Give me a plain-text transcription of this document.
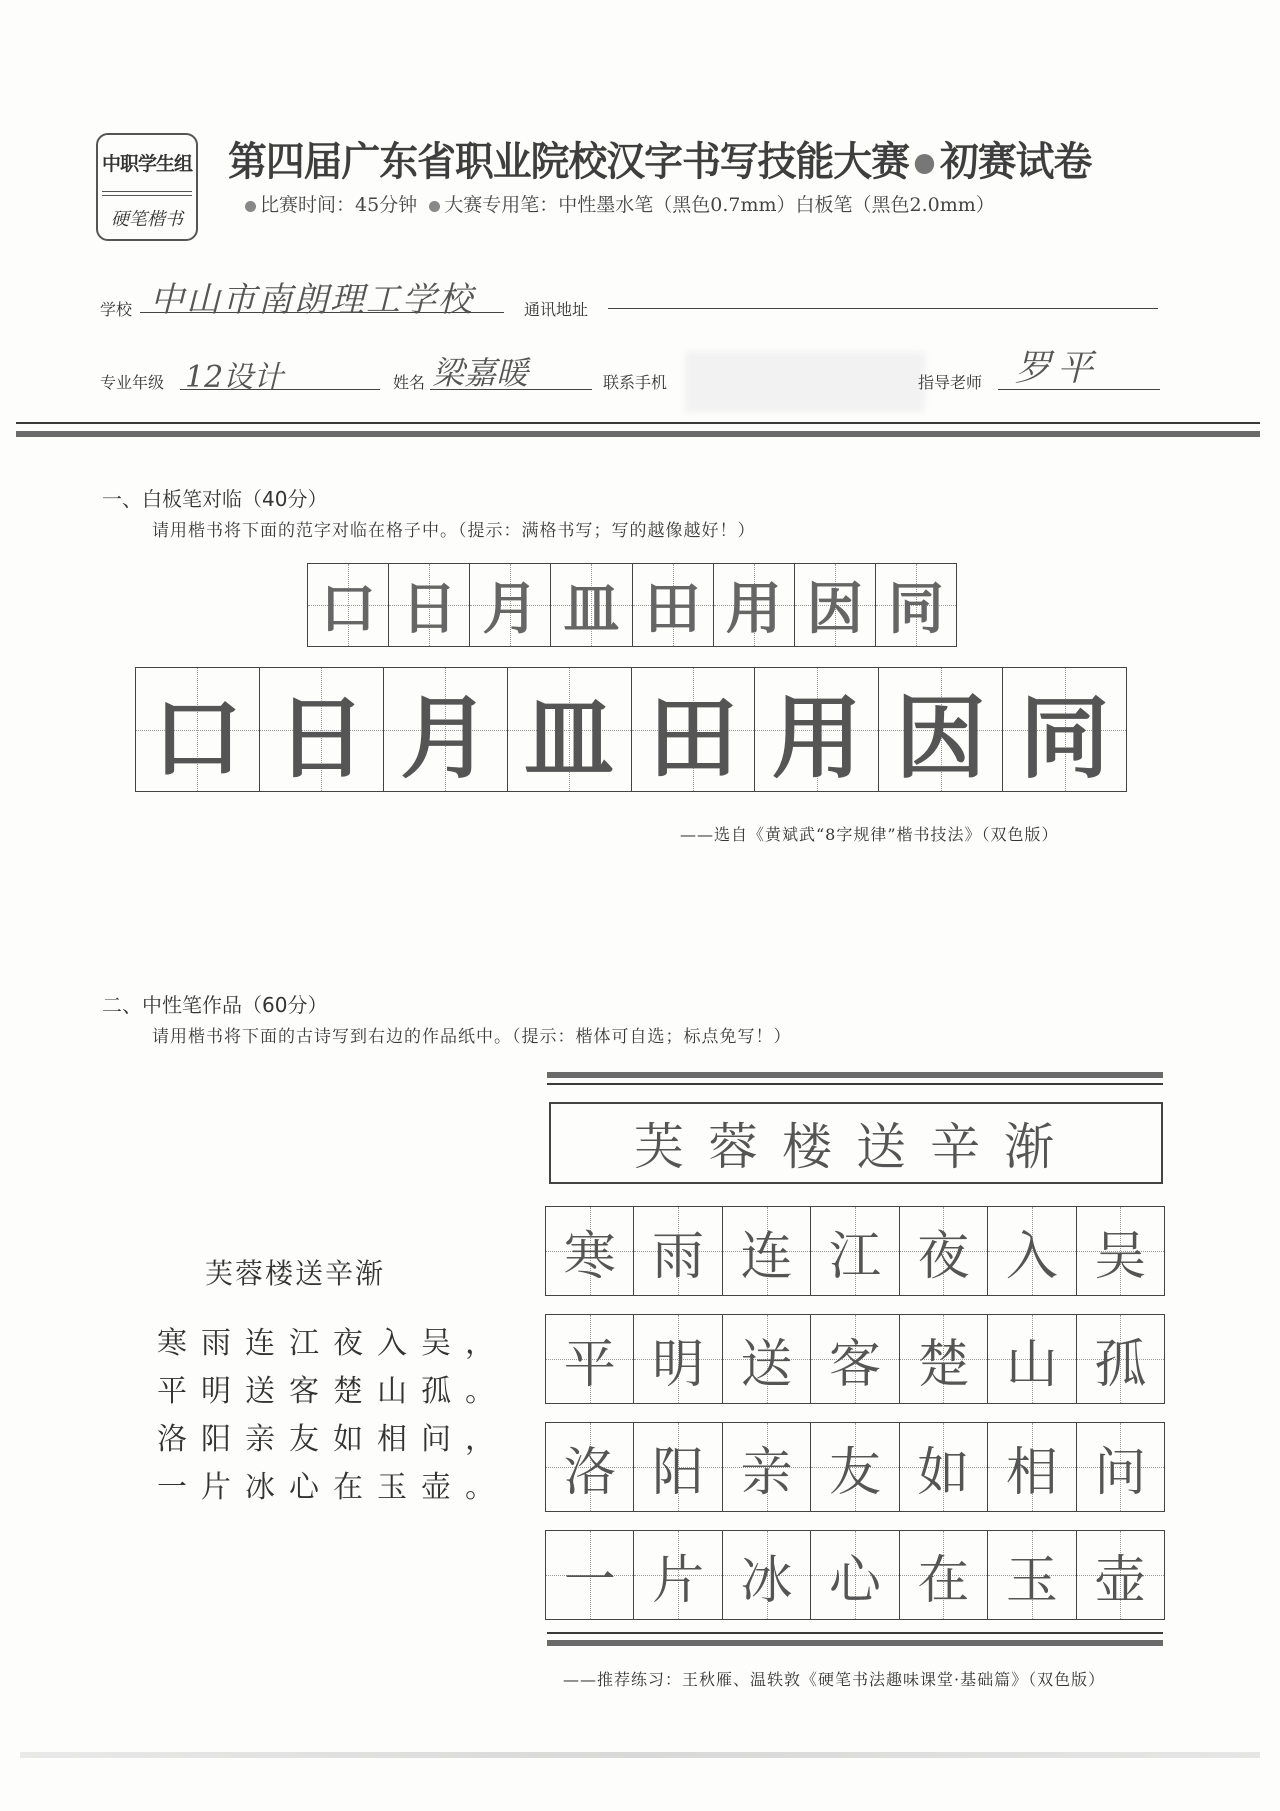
中职学生组
硬笔楷书
第四届广东省职业院校汉字书写技能大赛 初赛试卷
比赛时间：45分钟 大赛专用笔：中性墨水笔（黑色0.7mm）白板笔（黑色2.0mm）
学校 中山市南朗理工学校	通讯地址
专业年级 12设计	姓名 梁嘉暖	联系手机	指导老师 罗平
一、白板笔对临（40分）
请用楷书将下面的范字对临在格子中。（提示：满格书写；写的越像越好！）
口 日 月 皿 田 用 因 同
口 日 月 皿 田 用 因 同
——选自《黄斌武“8字规律”楷书技法》（双色版）
二、中性笔作品（60分）
请用楷书将下面的古诗写到右边的作品纸中。（提示：楷体可自选；标点免写！）
芙蓉楼送辛渐
寒雨连江夜入吴，
平明送客楚山孤。
洛阳亲友如相问，
一片冰心在玉壶。
芙蓉楼送辛渐
寒 雨 连 江 夜 入 吴
平 明 送 客 楚 山 孤
洛 阳 亲 友 如 相 问
一 片 冰 心 在 玉 壶
——推荐练习：王秋雁、温轶敦《硬笔书法趣味课堂·基础篇》（双色版）
